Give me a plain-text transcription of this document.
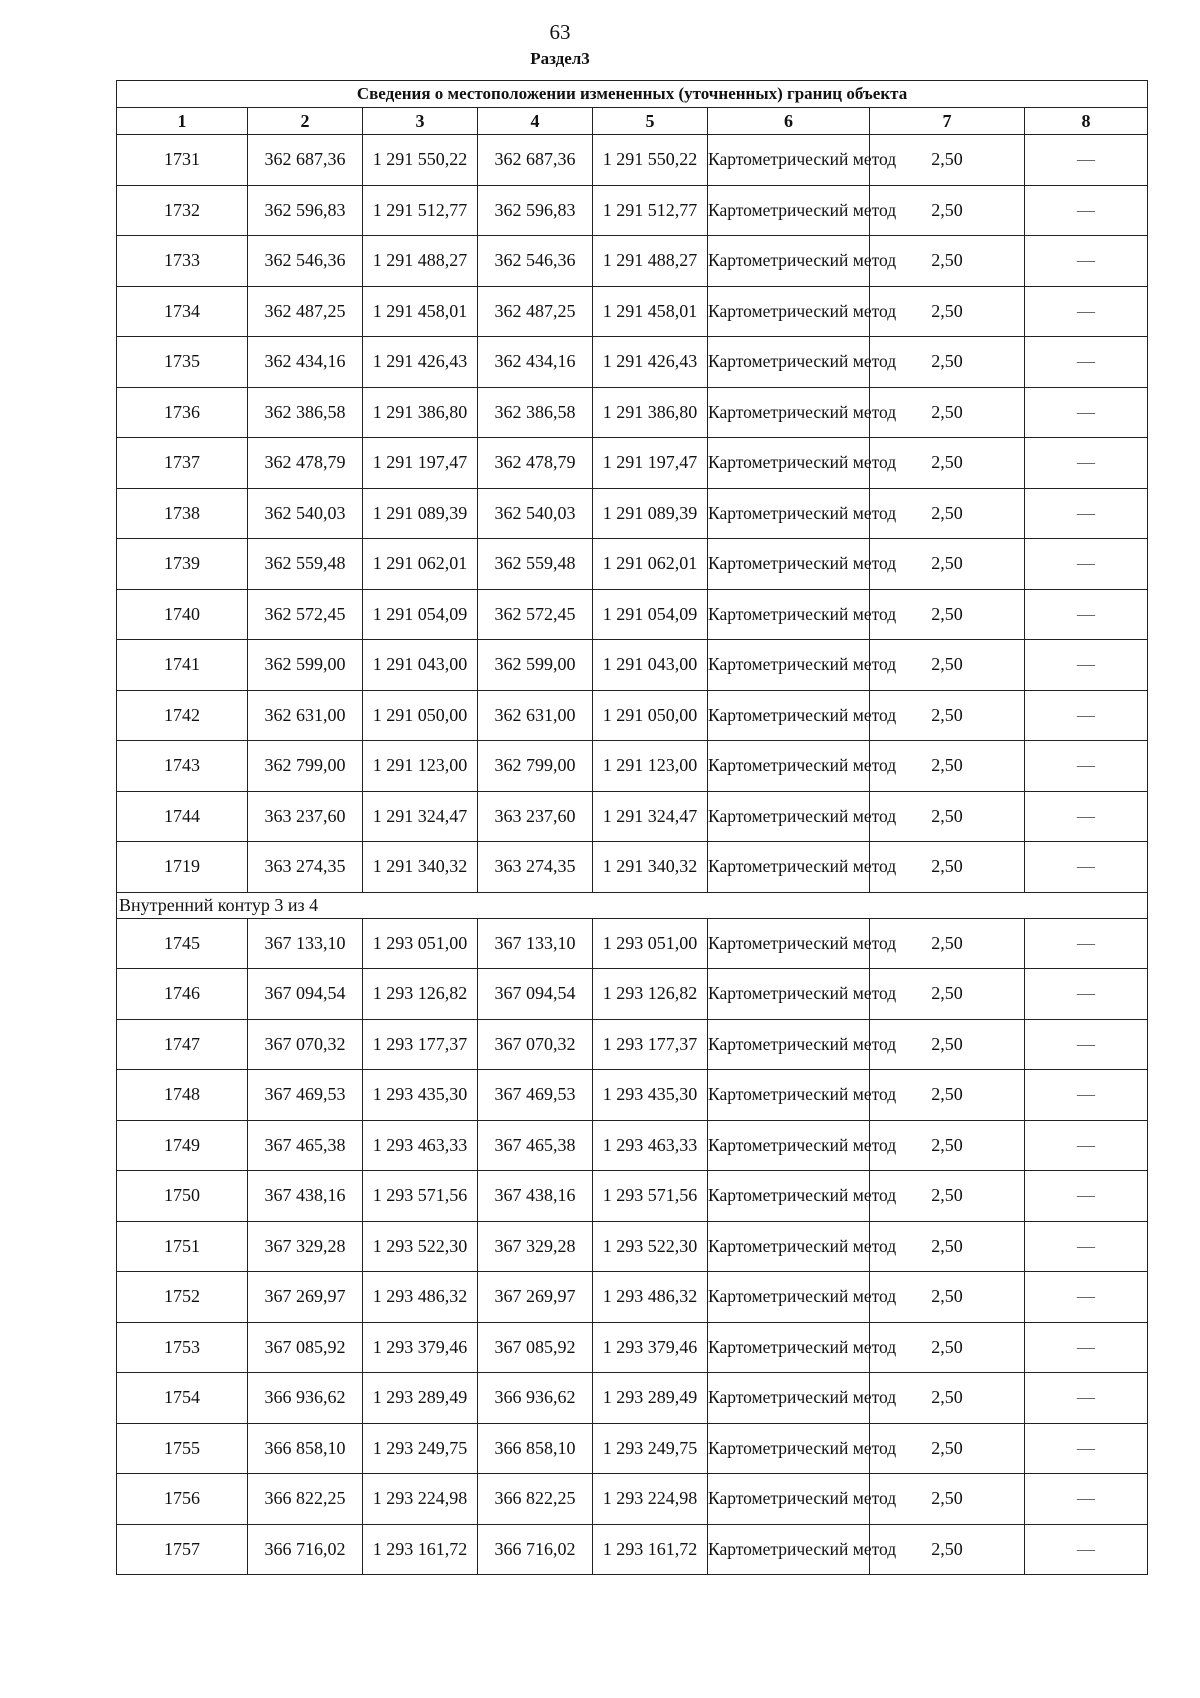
63
Раздел3
Сведения о местоположении измененных (уточненных) границ объекта							
1	2	3	4	5	6	7	8
1731	362 687,36	1 291 550,22	362 687,36	1 291 550,22	Картометрический метод	2,50	—
1732	362 596,83	1 291 512,77	362 596,83	1 291 512,77	Картометрический метод	2,50	—
1733	362 546,36	1 291 488,27	362 546,36	1 291 488,27	Картометрический метод	2,50	—
1734	362 487,25	1 291 458,01	362 487,25	1 291 458,01	Картометрический метод	2,50	—
1735	362 434,16	1 291 426,43	362 434,16	1 291 426,43	Картометрический метод	2,50	—
1736	362 386,58	1 291 386,80	362 386,58	1 291 386,80	Картометрический метод	2,50	—
1737	362 478,79	1 291 197,47	362 478,79	1 291 197,47	Картометрический метод	2,50	—
1738	362 540,03	1 291 089,39	362 540,03	1 291 089,39	Картометрический метод	2,50	—
1739	362 559,48	1 291 062,01	362 559,48	1 291 062,01	Картометрический метод	2,50	—
1740	362 572,45	1 291 054,09	362 572,45	1 291 054,09	Картометрический метод	2,50	—
1741	362 599,00	1 291 043,00	362 599,00	1 291 043,00	Картометрический метод	2,50	—
1742	362 631,00	1 291 050,00	362 631,00	1 291 050,00	Картометрический метод	2,50	—
1743	362 799,00	1 291 123,00	362 799,00	1 291 123,00	Картометрический метод	2,50	—
1744	363 237,60	1 291 324,47	363 237,60	1 291 324,47	Картометрический метод	2,50	—
1719	363 274,35	1 291 340,32	363 274,35	1 291 340,32	Картометрический метод	2,50	—
Внутренний контур 3 из 4							
1745	367 133,10	1 293 051,00	367 133,10	1 293 051,00	Картометрический метод	2,50	—
1746	367 094,54	1 293 126,82	367 094,54	1 293 126,82	Картометрический метод	2,50	—
1747	367 070,32	1 293 177,37	367 070,32	1 293 177,37	Картометрический метод	2,50	—
1748	367 469,53	1 293 435,30	367 469,53	1 293 435,30	Картометрический метод	2,50	—
1749	367 465,38	1 293 463,33	367 465,38	1 293 463,33	Картометрический метод	2,50	—
1750	367 438,16	1 293 571,56	367 438,16	1 293 571,56	Картометрический метод	2,50	—
1751	367 329,28	1 293 522,30	367 329,28	1 293 522,30	Картометрический метод	2,50	—
1752	367 269,97	1 293 486,32	367 269,97	1 293 486,32	Картометрический метод	2,50	—
1753	367 085,92	1 293 379,46	367 085,92	1 293 379,46	Картометрический метод	2,50	—
1754	366 936,62	1 293 289,49	366 936,62	1 293 289,49	Картометрический метод	2,50	—
1755	366 858,10	1 293 249,75	366 858,10	1 293 249,75	Картометрический метод	2,50	—
1756	366 822,25	1 293 224,98	366 822,25	1 293 224,98	Картометрический метод	2,50	—
1757	366 716,02	1 293 161,72	366 716,02	1 293 161,72	Картометрический метод	2,50	—
